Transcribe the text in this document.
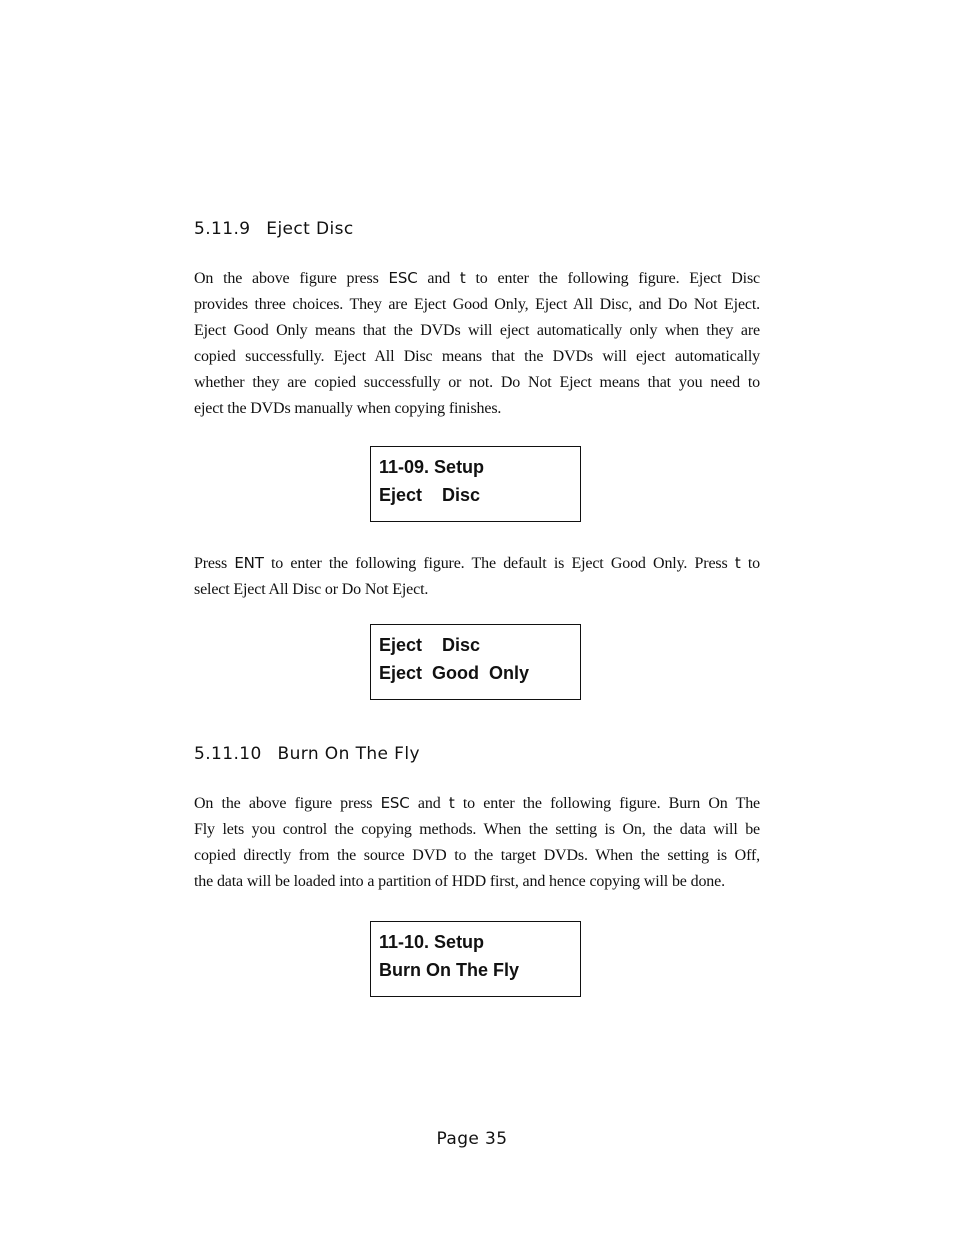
5.11.9 Eject Disc
On the above figure press ESC and t to enter the following figure. Eject Disc
provides three choices. They are Eject Good Only, Eject All Disc, and Do Not Eject.
Eject Good Only means that the DVDs will eject automatically only when they are
copied successfully. Eject All Disc means that the DVDs will eject automatically
whether they are copied successfully or not. Do Not Eject means that you need to
eject the DVDs manually when copying finishes.
11-09. Setup
Eject    Disc
Press ENT to enter the following figure. The default is Eject Good Only. Press t to
select Eject All Disc or Do Not Eject.
Eject    Disc
Eject  Good  Only
5.11.10 Burn On The Fly
On the above figure press ESC and t to enter the following figure. Burn On The
Fly lets you control the copying methods. When the setting is On, the data will be
copied directly from the source DVD to the target DVDs. When the setting is Off,
the data will be loaded into a partition of HDD first, and hence copying will be done.
11-10. Setup
Burn On The Fly
Page 35
